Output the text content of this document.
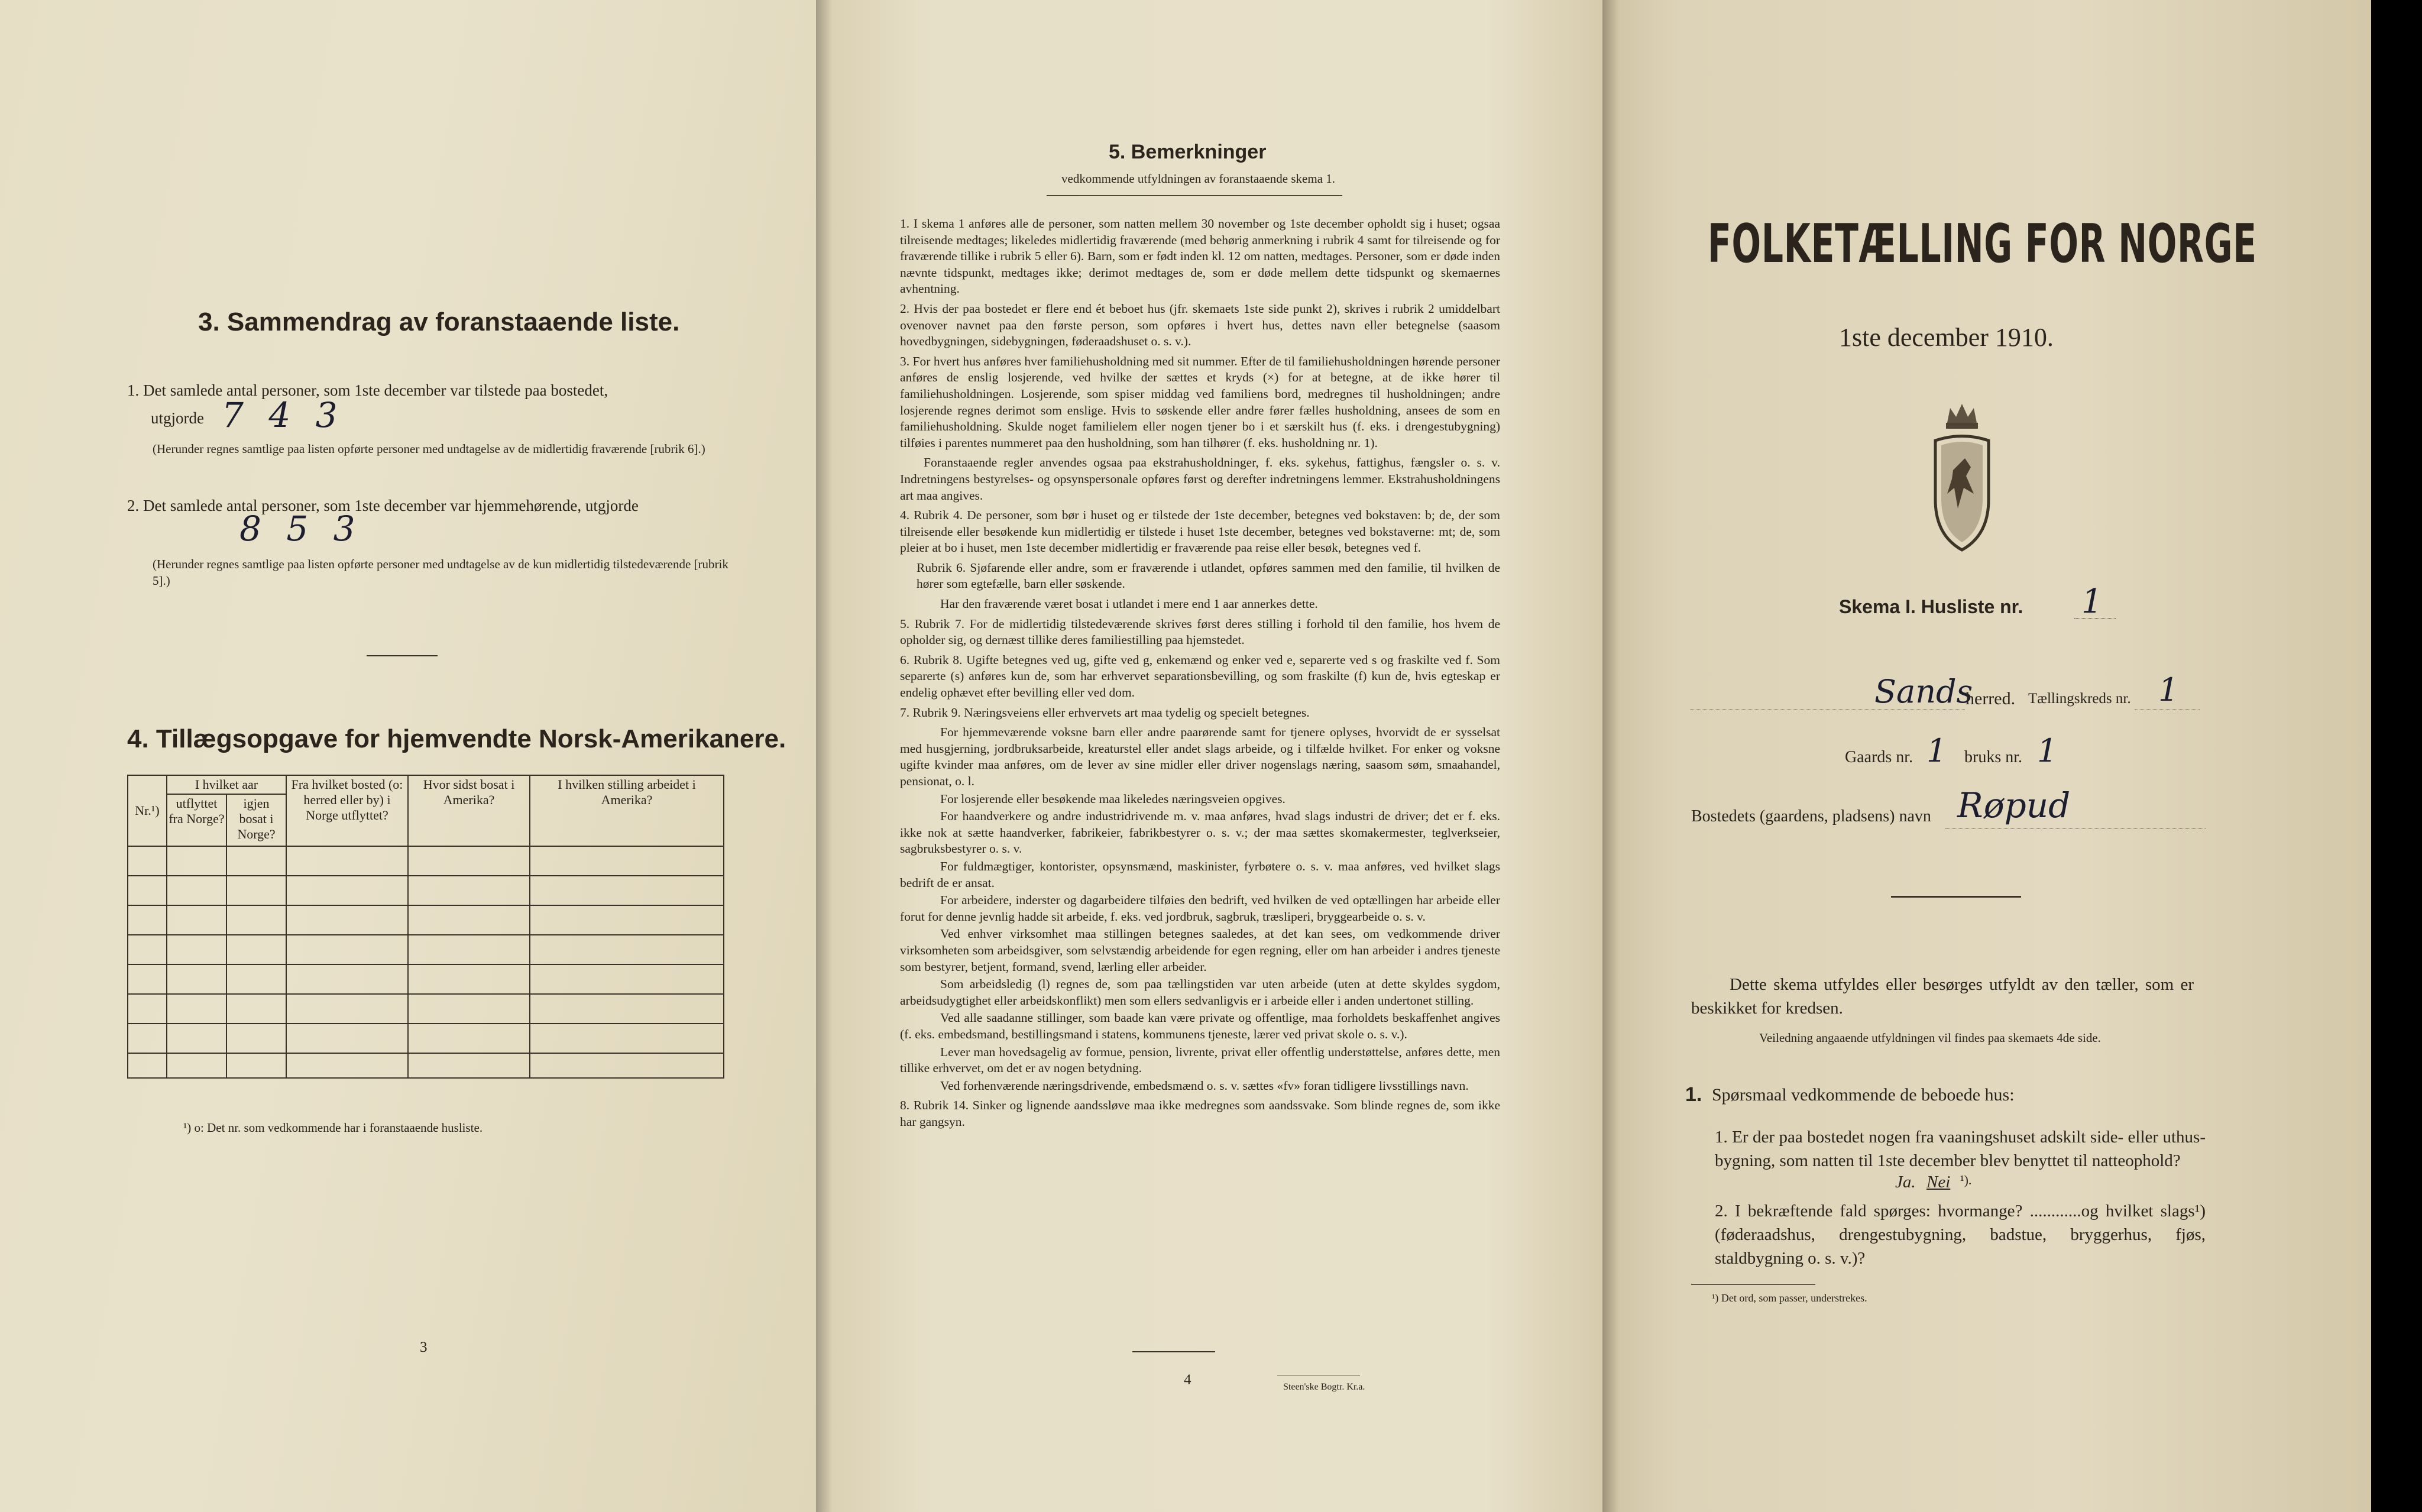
3. Sammendrag av foranstaaende liste.
1. Det samlede antal personer, som 1ste december var tilstede paa bostedet,
utgjorde 7 4 3
(Herunder regnes samtlige paa listen opførte personer med undtagelse av de midlertidig fraværende [rubrik 6].)
2. Det samlede antal personer, som 1ste december var hjemmehørende, utgjorde
8 5 3
(Herunder regnes samtlige paa listen opførte personer med undtagelse av de kun midlertidig tilstedeværende [rubrik 5].)
4. Tillægsopgave for hjemvendte Norsk-Amerikanere.
Nr.¹)	I hvilket aar		Fra hvilket bosted (o: herred eller by) i Norge utflyttet?	Hvor sidst bosat i Amerika?	I hvilken stilling arbeidet i Amerika?
	utflyttet fra Norge?	igjen bosat i Norge?			

¹) o: Det nr. som vedkommende har i foranstaaende husliste.
3
5. Bemerkninger
vedkommende utfyldningen av foranstaaende skema 1.

1. I skema 1 anføres alle de personer, som natten mellem 30 november og 1ste december opholdt sig i huset; ogsaa tilreisende medtages; likeledes midlertidig fraværende (med behørig anmerkning i rubrik 4 samt for tilreisende og for fraværende tillike i rubrik 5 eller 6). Barn, som er født inden kl. 12 om natten, medtages. Personer, som er døde inden nævnte tidspunkt, medtages ikke; derimot medtages de, som er døde mellem dette tidspunkt og skemaernes avhentning.

2. Hvis der paa bostedet er flere end ét beboet hus (jfr. skemaets 1ste side punkt 2), skrives i rubrik 2 umiddelbart ovenover navnet paa den første person, som opføres i hvert hus, dettes navn eller betegnelse (saasom hovedbygningen, sidebygningen, føderaadshuset o. s. v.).

3. For hvert hus anføres hver familiehusholdning med sit nummer. Efter de til familiehusholdningen hørende personer anføres de enslig losjerende, ved hvilke der sættes et kryds (×) for at betegne, at de ikke hører til familiehusholdningen. Losjerende, som spiser middag ved familiens bord, medregnes til husholdningen; andre losjerende regnes derimot som enslige. Hvis to søskende eller andre fører fælles husholdning, ansees de som en familiehusholdning. Skulde noget familielem eller nogen tjener bo i et særskilt hus (f. eks. i drengestubygning) tilføies i parentes nummeret paa den husholdning, som han tilhører (f. eks. husholdning nr. 1).

Foranstaaende regler anvendes ogsaa paa ekstrahusholdninger, f. eks. sykehus, fattighus, fængsler o. s. v. Indretningens bestyrelses- og opsynspersonale opføres først og derefter indretningens lemmer. Ekstrahusholdningens art maa angives.

4. Rubrik 4. De personer, som bør i huset og er tilstede der 1ste december, betegnes ved bokstaven: b; de, der som tilreisende eller besøkende kun midlertidig er tilstede i huset 1ste december, betegnes ved bokstaverne: mt; de, som pleier at bo i huset, men 1ste december midlertidig er fraværende paa reise eller besøk, betegnes ved f.

Rubrik 6. Sjøfarende eller andre, som er fraværende i utlandet, opføres sammen med den familie, til hvilken de hører som egtefælle, barn eller søskende.

Har den fraværende været bosat i utlandet i mere end 1 aar annerkes dette.

5. Rubrik 7. For de midlertidig tilstedeværende skrives først deres stilling i forhold til den familie, hos hvem de opholder sig, og dernæst tillike deres familiestilling paa hjemstedet.

6. Rubrik 8. Ugifte betegnes ved ug, gifte ved g, enkemænd og enker ved e, separerte ved s og fraskilte ved f. Som separerte (s) anføres kun de, som har erhvervet separationsbevilling, og som fraskilte (f) kun de, hvis egteskap er endelig ophævet efter bevilling eller ved dom.

7. Rubrik 9. Næringsveiens eller erhvervets art maa tydelig og specielt betegnes.

For hjemmeværende voksne barn eller andre paarørende samt for tjenere oplyses, hvorvidt de er sysselsat med husgjerning, jordbruksarbeide, kreaturstel eller andet slags arbeide, og i tilfælde hvilket. For enker og voksne ugifte kvinder maa anføres, om de lever av sine midler eller driver nogenslags næring, saasom søm, smaahandel, pensionat, o. l.

For losjerende eller besøkende maa likeledes næringsveien opgives.

For haandverkere og andre industridrivende m. v. maa anføres, hvad slags industri de driver; det er f. eks. ikke nok at sætte haandverker, fabrikeier, fabrikbestyrer o. s. v.; der maa sættes skomakermester, teglverkseier, sagbruksbestyrer o. s. v.

For fuldmægtiger, kontorister, opsynsmænd, maskinister, fyrbøtere o. s. v. maa anføres, ved hvilket slags bedrift de er ansat.

For arbeidere, inderster og dagarbeidere tilføies den bedrift, ved hvilken de ved optællingen har arbeide eller forut for denne jevnlig hadde sit arbeide, f. eks. ved jordbruk, sagbruk, træsliperi, bryggearbeide o. s. v.

Ved enhver virksomhet maa stillingen betegnes saaledes, at det kan sees, om vedkommende driver virksomheten som arbeidsgiver, som selvstændig arbeidende for egen regning, eller om han arbeider i andres tjeneste som bestyrer, betjent, formand, svend, lærling eller arbeider.

Som arbeidsledig (l) regnes de, som paa tællingstiden var uten arbeide (uten at dette skyldes sygdom, arbeidsudygtighet eller arbeidskonflikt) men som ellers sedvanligvis er i arbeide eller i anden undertonet stilling.

Ved alle saadanne stillinger, som baade kan være private og offentlige, maa forholdets beskaffenhet angives (f. eks. embedsmand, bestillingsmand i statens, kommunens tjeneste, lærer ved privat skole o. s. v.).

Lever man hovedsagelig av formue, pension, livrente, privat eller offentlig understøttelse, anføres dette, men tillike erhvervet, om det er av nogen betydning.

Ved forhenværende næringsdrivende, embedsmænd o. s. v. sættes «fv» foran tidligere livsstillings navn.

8. Rubrik 14. Sinker og lignende aandssløve maa ikke medregnes som aandssvake. Som blinde regnes de, som ikke har gangsyn.

4	Steen'ske Bogtr. Kr.a.
FOLKETÆLLING FOR NORGE
1ste december 1910.
Skema I. Husliste nr. 1
Sands
herred. Tællingskreds nr. 1
Gaards nr. 1 bruks nr. 1
Bostedets (gaardens, pladsens) navn Røpud
Dette skema utfyldes eller besørges utfyldt av den tæller, som er beskikket for kredsen.
Veiledning angaaende utfyldningen vil findes paa skemaets 4de side.
1. Spørsmaal vedkommende de beboede hus:
1. Er der paa bostedet nogen fra vaaningshuset adskilt side- eller uthus-bygning, som natten til 1ste december blev benyttet til natteophold?
Ja. Nei ¹).
2. I bekræftende fald spørges: hvormange? ............og hvilket slags¹) (føderaadshus, drengestubygning, badstue, bryggerhus, fjøs, staldbygning o. s. v.)?
¹) Det ord, som passer, understrekes.
